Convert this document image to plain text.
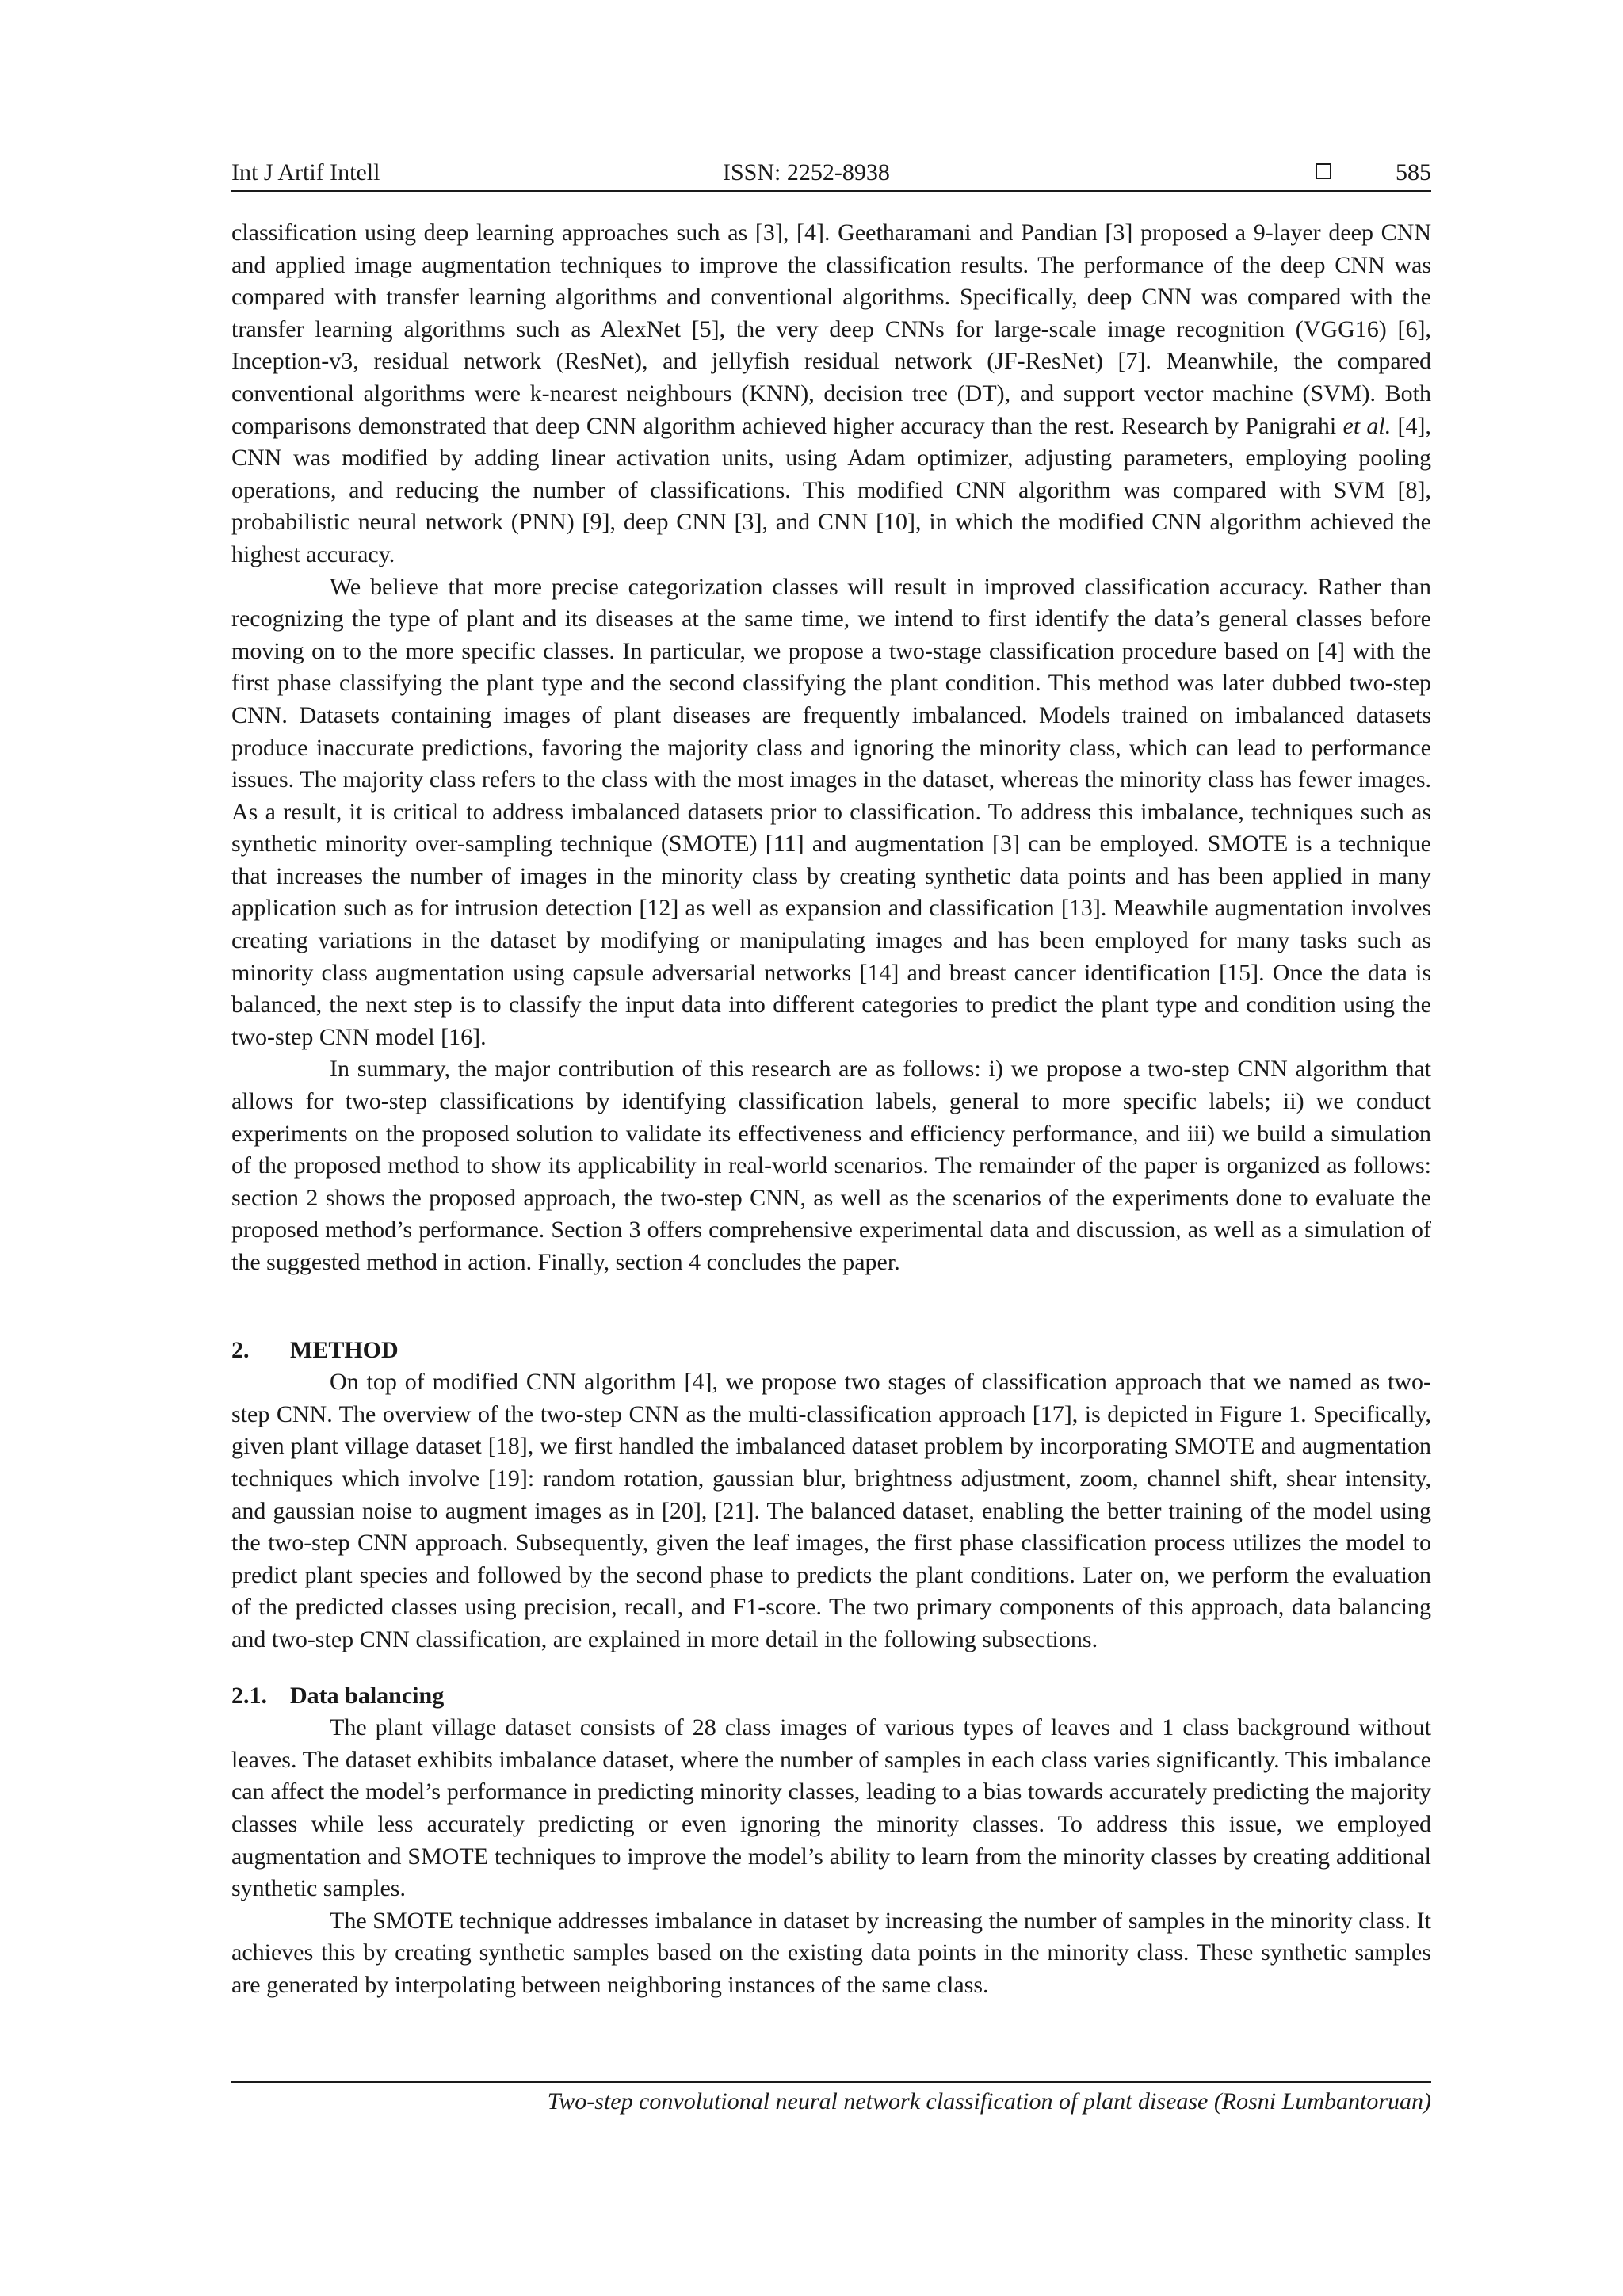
Int J Artif Intell	ISSN: 2252-8938	585

classification using deep learning approaches such as [3], [4]. Geetharamani and Pandian [3] proposed a 9-layer deep CNN and applied image augmentation techniques to improve the classification results. The performance of the deep CNN was compared with transfer learning algorithms and conventional algorithms. Specifically, deep CNN was compared with the transfer learning algorithms such as AlexNet [5], the very deep CNNs for large-scale image recognition (VGG16) [6], Inception-v3, residual network (ResNet), and jellyfish residual network (JF-ResNet) [7]. Meanwhile, the compared conventional algorithms were k-nearest neighbours (KNN), decision tree (DT), and support vector machine (SVM). Both comparisons demonstrated that deep CNN algorithm achieved higher accuracy than the rest. Research by Panigrahi et al. [4], CNN was modified by adding linear activation units, using Adam optimizer, adjusting parameters, employing pooling operations, and reducing the number of classifications. This modified CNN algorithm was compared with SVM [8], probabilistic neural network (PNN) [9], deep CNN [3], and CNN [10], in which the modified CNN algorithm achieved the highest accuracy.

We believe that more precise categorization classes will result in improved classification accuracy. Rather than recognizing the type of plant and its diseases at the same time, we intend to first identify the data’s general classes before moving on to the more specific classes. In particular, we propose a two-stage classification procedure based on [4] with the first phase classifying the plant type and the second classifying the plant condition. This method was later dubbed two-step CNN. Datasets containing images of plant diseases are frequently imbalanced. Models trained on imbalanced datasets produce inaccurate predictions, favoring the majority class and ignoring the minority class, which can lead to performance issues. The majority class refers to the class with the most images in the dataset, whereas the minority class has fewer images. As a result, it is critical to address imbalanced datasets prior to classification. To address this imbalance, techniques such as synthetic minority over-sampling technique (SMOTE) [11] and augmentation [3] can be employed. SMOTE is a technique that increases the number of images in the minority class by creating synthetic data points and has been applied in many application such as for intrusion detection [12] as well as expansion and classification [13]. Meawhile augmentation involves creating variations in the dataset by modifying or manipulating images and has been employed for many tasks such as minority class augmentation using capsule adversarial networks [14] and breast cancer identification [15]. Once the data is balanced, the next step is to classify the input data into different categories to predict the plant type and condition using the two-step CNN model [16].

In summary, the major contribution of this research are as follows: i) we propose a two-step CNN algorithm that allows for two-step classifications by identifying classification labels, general to more specific labels; ii) we conduct experiments on the proposed solution to validate its effectiveness and efficiency performance, and iii) we build a simulation of the proposed method to show its applicability in real-world scenarios. The remainder of the paper is organized as follows: section 2 shows the proposed approach, the two-step CNN, as well as the scenarios of the experiments done to evaluate the proposed method’s performance. Section 3 offers comprehensive experimental data and discussion, as well as a simulation of the suggested method in action. Finally, section 4 concludes the paper.

2. METHOD

On top of modified CNN algorithm [4], we propose two stages of classification approach that we named as two-step CNN. The overview of the two-step CNN as the multi-classification approach [17], is depicted in Figure 1. Specifically, given plant village dataset [18], we first handled the imbalanced dataset problem by incorporating SMOTE and augmentation techniques which involve [19]: random rotation, gaussian blur, brightness adjustment, zoom, channel shift, shear intensity, and gaussian noise to augment images as in [20], [21]. The balanced dataset, enabling the better training of the model using the two-step CNN approach. Subsequently, given the leaf images, the first phase classification process utilizes the model to predict plant species and followed by the second phase to predicts the plant conditions. Later on, we perform the evaluation of the predicted classes using precision, recall, and F1-score. The two primary components of this approach, data balancing and two-step CNN classification, are explained in more detail in the following subsections.

2.1. Data balancing

The plant village dataset consists of 28 class images of various types of leaves and 1 class background without leaves. The dataset exhibits imbalance dataset, where the number of samples in each class varies significantly. This imbalance can affect the model’s performance in predicting minority classes, leading to a bias towards accurately predicting the majority classes while less accurately predicting or even ignoring the minority classes. To address this issue, we employed augmentation and SMOTE techniques to improve the model’s ability to learn from the minority classes by creating additional synthetic samples.

The SMOTE technique addresses imbalance in dataset by increasing the number of samples in the minority class. It achieves this by creating synthetic samples based on the existing data points in the minority class. These synthetic samples are generated by interpolating between neighboring instances of the same class.

Two-step convolutional neural network classification of plant disease (Rosni Lumbantoruan)
